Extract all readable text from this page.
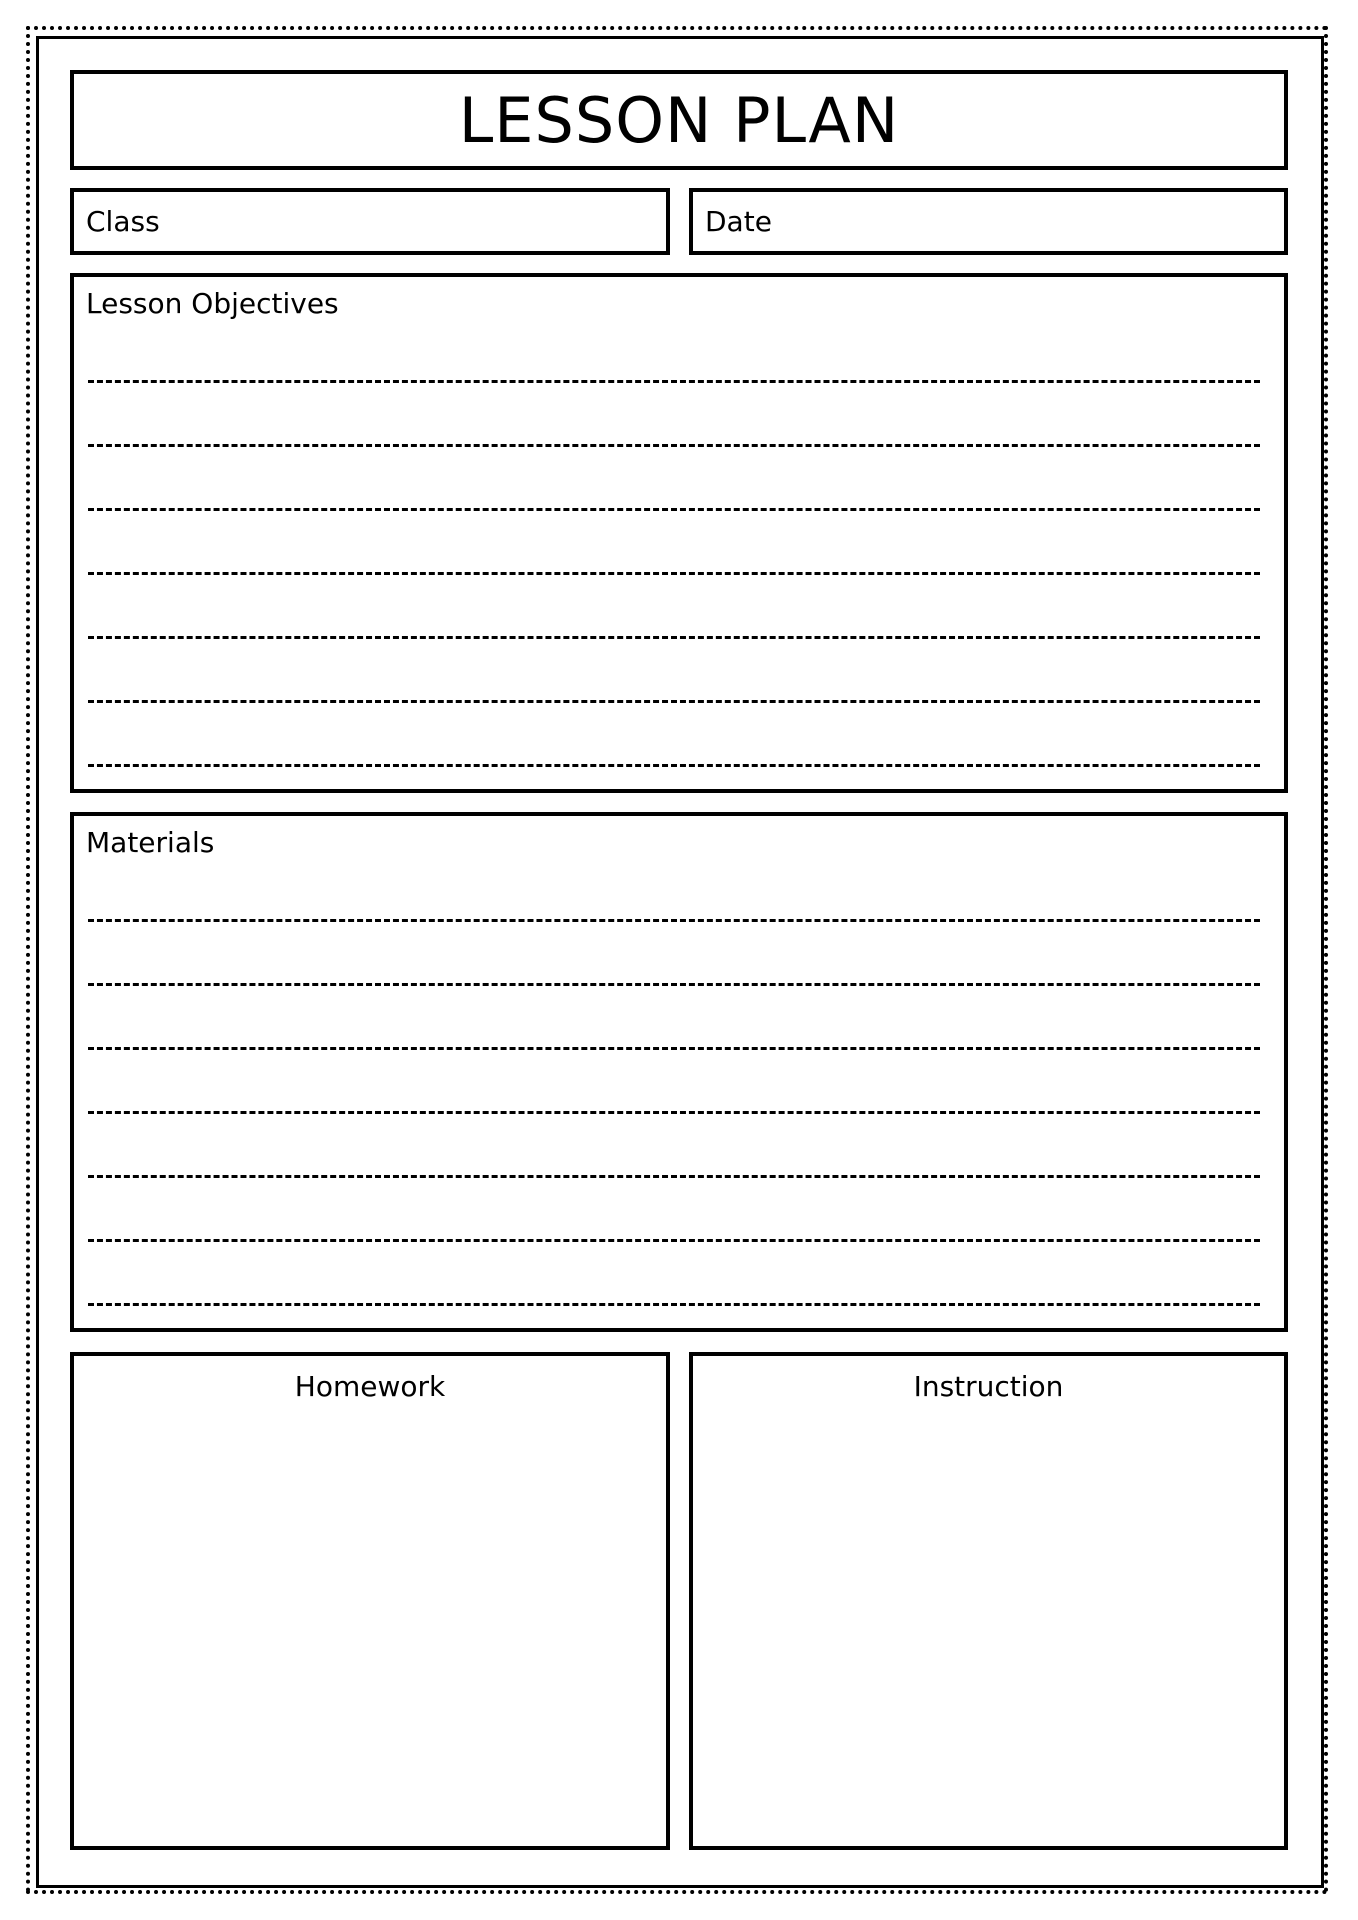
LESSON PLAN
Class	Date
Lesson Objectives
Materials
Homework	Instruction
